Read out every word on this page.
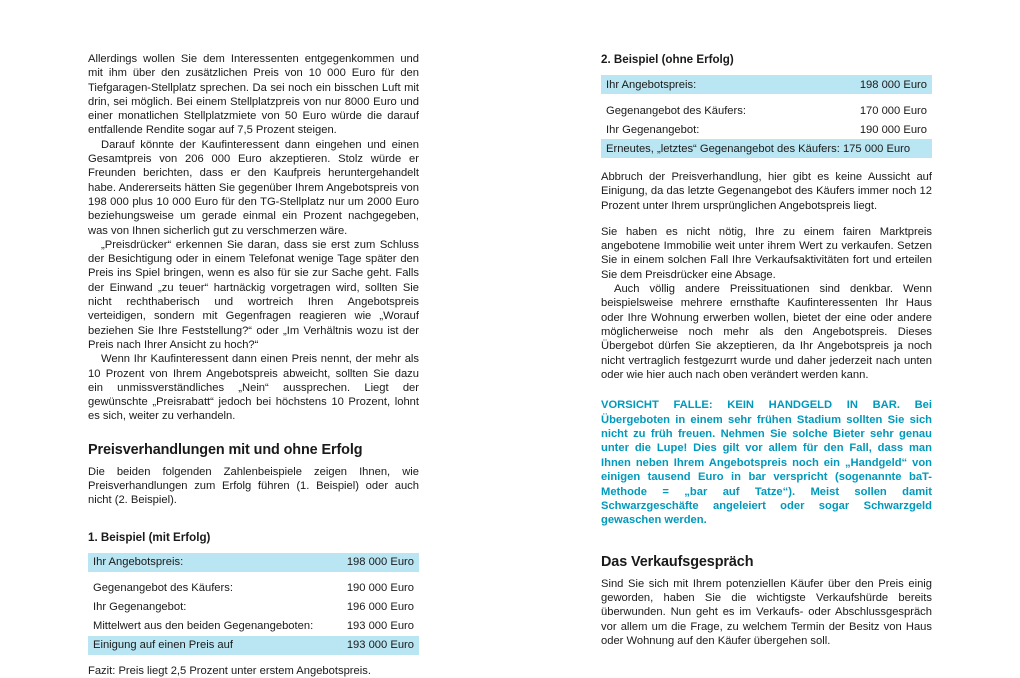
Allerdings wollen Sie dem Interessenten entgegenkommen und mit ihm über den zusätzlichen Preis von 10 000 Euro für den Tiefgaragen-Stellplatz sprechen. Da sei noch ein bisschen Luft mit drin, sei möglich. Bei einem Stellplatzpreis von nur 8000 Euro und einer monatlichen Stellplatzmiete von 50 Euro würde die darauf entfallende Rendite sogar auf 7,5 Prozent steigen.

Darauf könnte der Kaufinteressent dann eingehen und einen Gesamtpreis von 206 000 Euro akzeptieren. Stolz würde er Freunden berichten, dass er den Kaufpreis heruntergehandelt habe. Andererseits hätten Sie gegenüber Ihrem Angebotspreis von 198 000 plus 10 000 Euro für den TG-Stellplatz nur um 2000 Euro beziehungsweise um gerade einmal ein Prozent nachgegeben, was von Ihnen sicherlich gut zu verschmerzen wäre.

„Preisdrücker“ erkennen Sie daran, dass sie erst zum Schluss der Besichtigung oder in einem Telefonat wenige Tage später den Preis ins Spiel bringen, wenn es also für sie zur Sache geht. Falls der Einwand „zu teuer“ hartnäckig vorgetragen wird, sollten Sie nicht rechthaberisch und wortreich Ihren Angebotspreis verteidigen, sondern mit Gegenfragen reagieren wie „Worauf beziehen Sie Ihre Feststellung?“ oder „Im Verhältnis wozu ist der Preis nach Ihrer Ansicht zu hoch?“

Wenn Ihr Kaufinteressent dann einen Preis nennt, der mehr als 10 Prozent von Ihrem Angebotspreis abweicht, sollten Sie dazu ein unmissverständliches „Nein“ aussprechen. Liegt der gewünschte „Preisrabatt“ jedoch bei höchstens 10 Prozent, lohnt es sich, weiter zu verhandeln.

Preisverhandlungen mit und ohne Erfolg

Die beiden folgenden Zahlenbeispiele zeigen Ihnen, wie Preisverhandlungen zum Erfolg führen (1. Beispiel) oder auch nicht (2. Beispiel).

1. Beispiel (mit Erfolg)
Ihr Angebotspreis:	198 000 Euro

Gegenangebot des Käufers:	190 000 Euro
Ihr Gegenangebot:	196 000 Euro
Mittelwert aus den beiden Gegenangeboten:	193 000 Euro
Einigung auf einen Preis auf	193 000 Euro

Fazit: Preis liegt 2,5 Prozent unter erstem Angebotspreis.

2. Beispiel (ohne Erfolg)
Ihr Angebotspreis:	198 000 Euro

Gegenangebot des Käufers:	170 000 Euro
Ihr Gegenangebot:	190 000 Euro
Erneutes, „letztes“ Gegenangebot des Käufers: 175 000 Euro	

Abbruch der Preisverhandlung, hier gibt es keine Aussicht auf Einigung, da das letzte Gegenangebot des Käufers immer noch 12 Prozent unter Ihrem ursprünglichen Angebotspreis liegt.

Sie haben es nicht nötig, Ihre zu einem fairen Marktpreis angebotene Immobilie weit unter ihrem Wert zu verkaufen. Setzen Sie in einem solchen Fall Ihre Verkaufsaktivitäten fort und erteilen Sie dem Preisdrücker eine Absage.

Auch völlig andere Preissituationen sind denkbar. Wenn beispielsweise mehrere ernsthafte Kaufinteressenten Ihr Haus oder Ihre Wohnung erwerben wollen, bietet der eine oder andere möglicherweise noch mehr als den Angebotspreis. Dieses Übergebot dürfen Sie akzeptieren, da Ihr Angebotspreis ja noch nicht vertraglich festgezurrt wurde und daher jederzeit nach unten oder wie hier auch nach oben verändert werden kann.

VORSICHT FALLE: KEIN HANDGELD IN BAR. Bei Übergeboten in einem sehr frühen Stadium sollten Sie sich nicht zu früh freuen. Nehmen Sie solche Bieter sehr genau unter die Lupe! Dies gilt vor allem für den Fall, dass man Ihnen neben Ihrem Angebotspreis noch ein „Handgeld“ von einigen tausend Euro in bar verspricht (sogenannte baT-Methode = „bar auf Tatze“). Meist sollen damit Schwarzgeschäfte angeleiert oder sogar Schwarzgeld gewaschen werden.

Das Verkaufsgespräch

Sind Sie sich mit Ihrem potenziellen Käufer über den Preis einig geworden, haben Sie die wichtigste Verkaufshürde bereits überwunden. Nun geht es im Verkaufs- oder Abschlussgespräch vor allem um die Frage, zu welchem Termin der Besitz von Haus oder Wohnung auf den Käufer übergehen soll.
